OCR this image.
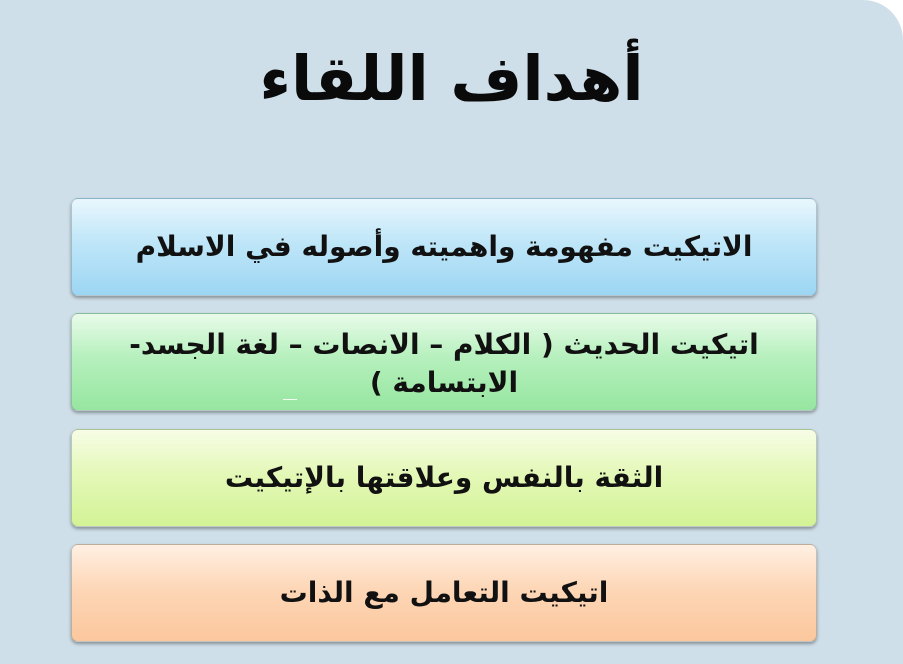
أهداف اللقاء
الاتيكيت مفهومة واهميته وأصوله في الاسلام
اتيكيت الحديث ( الكلام – الانصات – لغة الجسد- الابتسامة )
الثقة بالنفس وعلاقتها بالإتيكيت
اتيكيت التعامل مع الذات
